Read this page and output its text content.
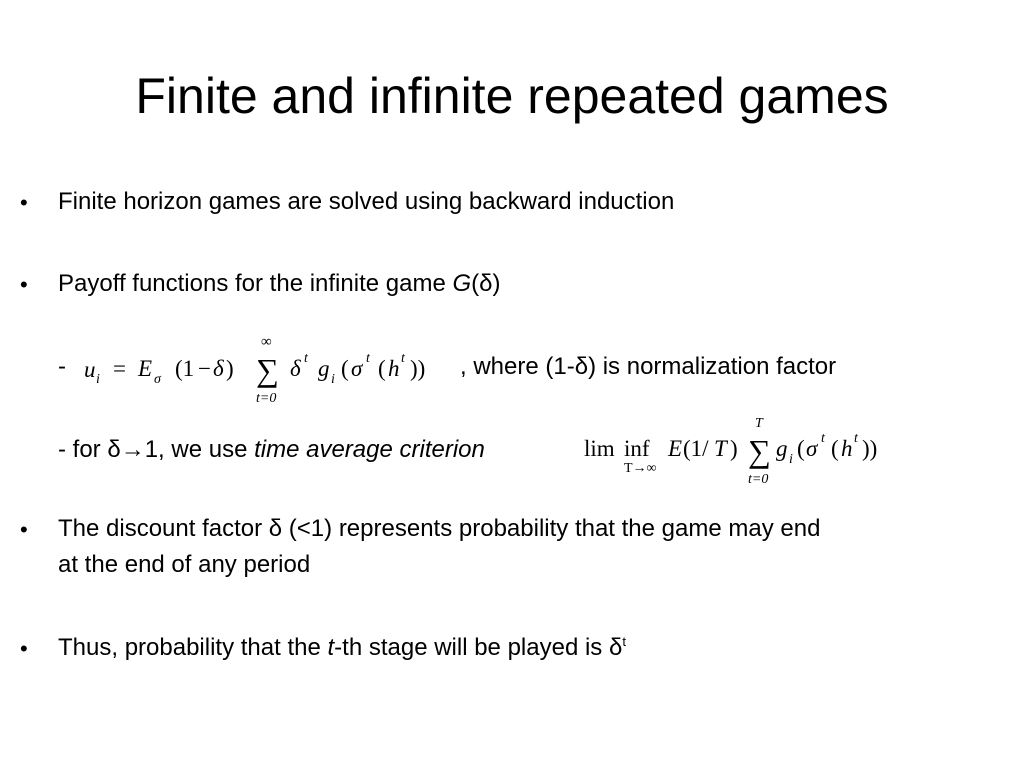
Finite and infinite repeated games
• Finite horizon games are solved using backward induction
• Payoff functions for the infinite game G(δ)
- u i = E σ (1 − δ )
∞
∑
t=0
δ t g i ( σ t ( h t )) , where (1-δ) is normalization factor
- for δ→1, we use time average criterion	lim inf
T→∞
E (1/ T )
T
∑
t=0
g i ( σ t ( h t ))
• The discount factor δ (<1) represents probability that the game may end
at the end of any period
• Thus, probability that the t-th stage will be played is $\delta^t$
